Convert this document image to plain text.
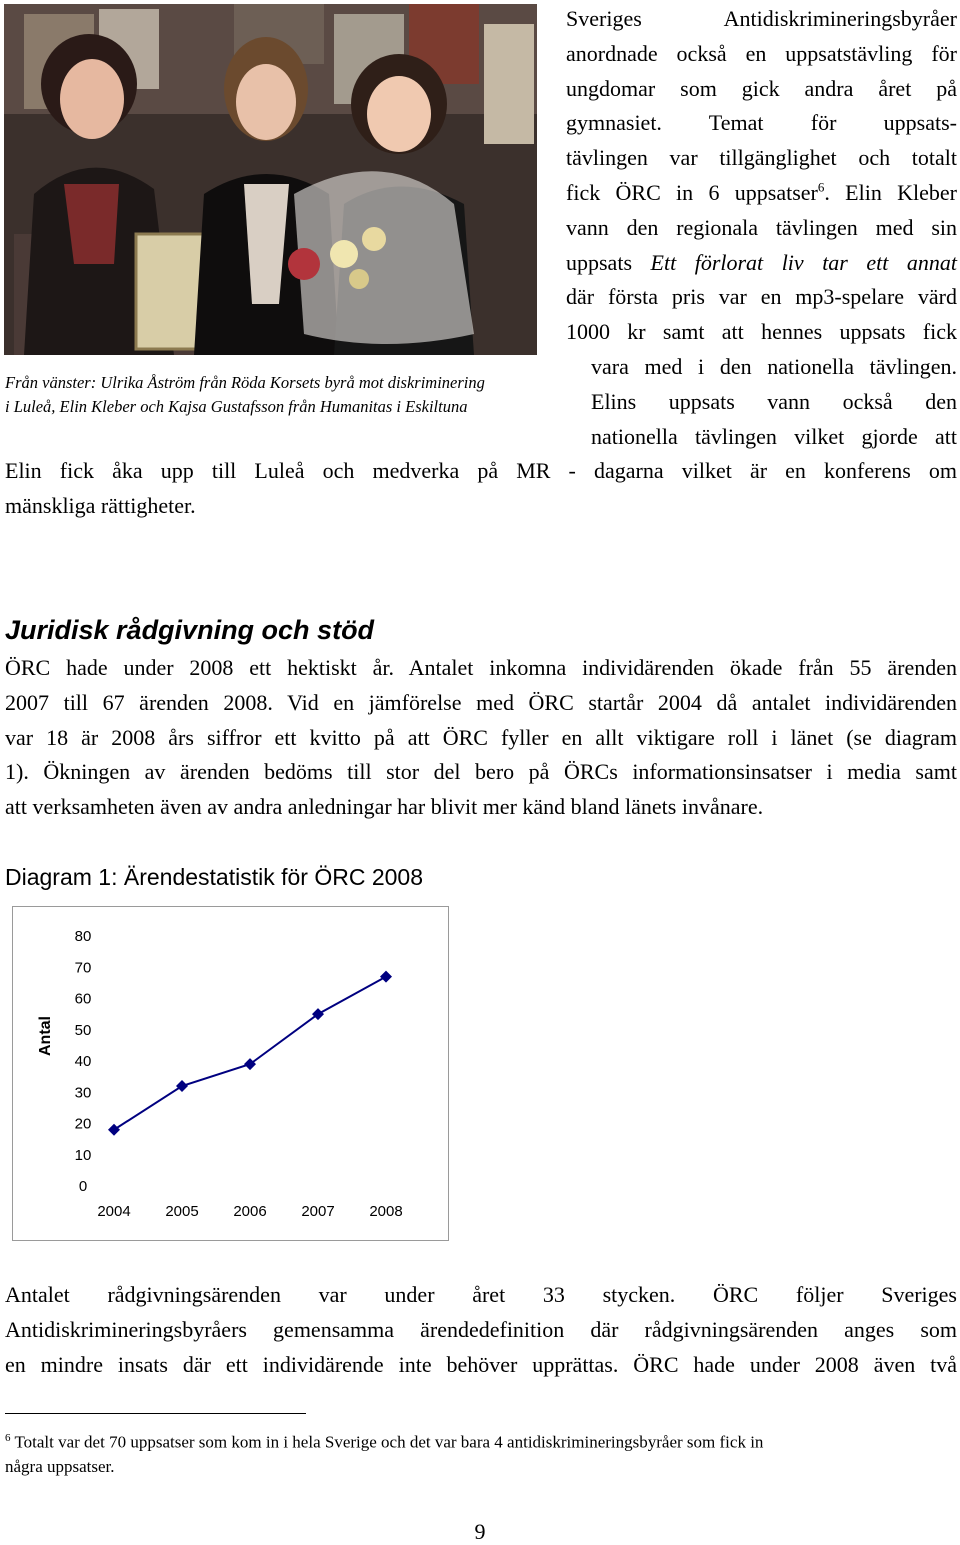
Från vänster: Ulrika Åström från Röda Korsets byrå mot diskriminering
i Luleå, Elin Kleber och Kajsa Gustafsson från Humanitas i Eskiltuna
Sveriges Antidiskrimineringsbyråer
anordnade också en uppsatstävling för
ungdomar som gick andra året på
gymnasiet. Temat för uppsats-
tävlingen var tillgänglighet och totalt
fick ÖRC in 6 uppsatser$^6$. Elin Kleber
vann den regionala tävlingen med sin
uppsats Ett förlorat liv tar ett annat
där första pris var en mp3-spelare värd
1000 kr samt att hennes uppsats fick
vara med i den nationella tävlingen.
Elins uppsats vann också den
nationella tävlingen vilket gjorde att
Elin fick åka upp till Luleå och medverka på MR - dagarna vilket är en konferens om
mänskliga rättigheter.
Juridisk rådgivning och stöd
ÖRC hade under 2008 ett hektiskt år. Antalet inkomna individärenden ökade från 55 ärenden
2007 till 67 ärenden 2008. Vid en jämförelse med ÖRC startår 2004 då antalet individärenden
var 18 är 2008 års siffror ett kvitto på att ÖRC fyller en allt viktigare roll i länet (se diagram
1). Ökningen av ärenden bedöms till stor del bero på ÖRCs informationsinsatser i media samt
att verksamheten även av andra anledningar har blivit mer känd bland länets invånare.
Diagram 1: Ärendestatistik för ÖRC 2008
0
10
20
30
40
50
60
70
80
Antal
2004 2005 2006 2007 2008
Antalet rådgivningsärenden var under året 33 stycken. ÖRC följer Sveriges
Antidiskrimineringsbyråers gemensamma ärendedefinition där rådgivningsärenden anges som
en mindre insats där ett individärende inte behöver upprättas. ÖRC hade under 2008 även två
$^6$ Totalt var det 70 uppsatser som kom in i hela Sverige och det var bara 4 antidiskrimineringsbyråer som fick in
några uppsatser.
9
